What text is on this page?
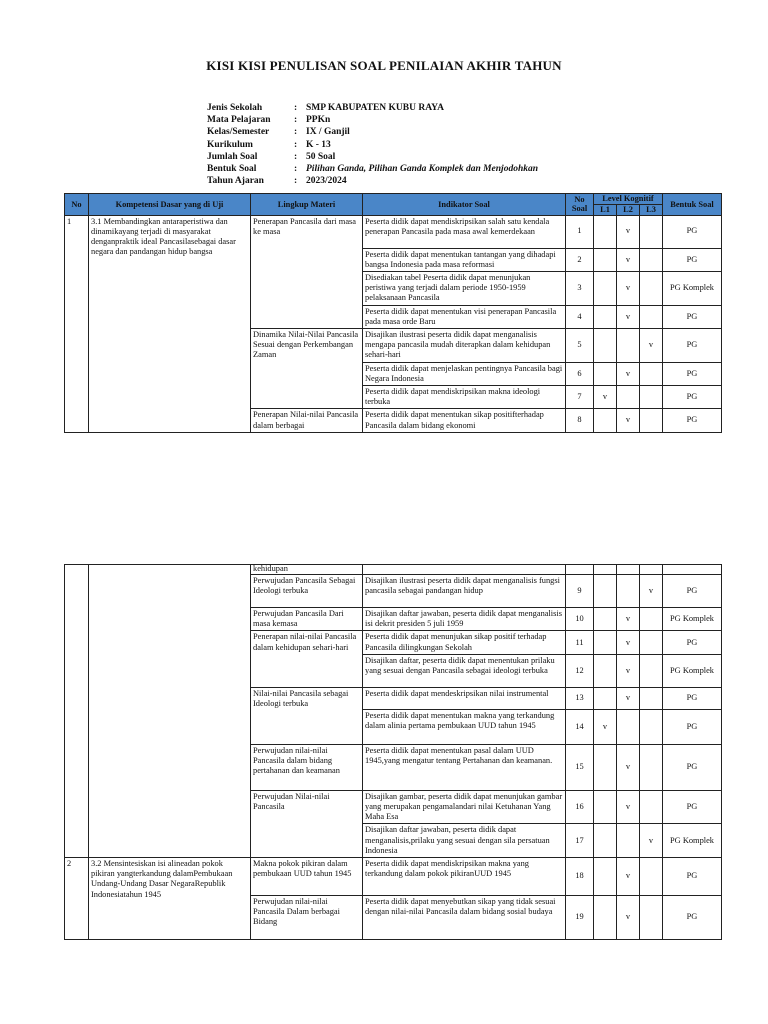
KISI KISI PENULISAN SOAL PENILAIAN AKHIR TAHUN
Jenis Sekolah	: SMP KABUPATEN KUBU RAYA
Mata Pelajaran	: PPKn
Kelas/Semester	: IX / Ganjil
Kurikulum	: K - 13
Jumlah Soal	: 50 Soal
Bentuk Soal	: Pilihan Ganda, Pilihan Ganda Komplek dan Menjodohkan
Tahun Ajaran	: 2023/2024
No	Kompetensi Dasar yang di Uji	Lingkup Materi	Indikator Soal	No Soal	Level Kognitif			Bentuk Soal
					L1	L2	L3	
1	3.1 Membandingkan antaraperistiwa dan dinamikayang terjadi di masyarakat denganpraktik ideal Pancasilasebagai dasar negara dan pandangan hidup bangsa	Penerapan Pancasila dari masa ke masa	Peserta didik dapat mendiskripsikan salah satu kendala penerapan Pancasila pada masa awal kemerdekaan	1		v		PG
			Peserta didik dapat menentukan tantangan yang dihadapi bangsa Indonesia pada masa reformasi	2		v		PG
			Disediakan tabel Peserta didik dapat menunjukan peristiwa yang terjadi dalam periode 1950-1959 pelaksanaan Pancasila	3		v		PG Komplek
			Peserta didik dapat menentukan visi penerapan Pancasila pada masa orde Baru	4		v		PG
		Dinamika Nilai-Nilai Pancasila Sesuai dengan Perkembangan Zaman	Disajikan ilustrasi peserta didik dapat menganalisis mengapa pancasila mudah diterapkan dalam kehidupan sehari-hari	5			v	PG
			Peserta didik dapat menjelaskan pentingnya Pancasila bagi Negara Indonesia	6		v		PG
			Peserta didik dapat mendiskripsikan makna ideologi terbuka	7	v			PG
		Penerapan Nilai-nilai Pancasila dalam berbagai	Peserta didik dapat menentukan sikap positifterhadap Pancasila dalam bidang ekonomi	8		v		PG
		kehidupan						
		Perwujudan Pancasila Sebagai Ideologi terbuka	Disajikan ilustrasi peserta didik dapat menganalisis fungsi pancasila sebagai pandangan hidup	9			v	PG
		Perwujudan Pancasila Dari masa kemasa	Disajikan daftar jawaban, peserta didik dapat menganalisis isi dekrit presiden 5 juli 1959	10		v		PG Komplek
		Penerapan nilai-nilai Pancasila dalam kehidupan sehari-hari	Peserta didik dapat menunjukan sikap positif terhadap Pancasila dilingkungan Sekolah	11		v		PG
			Disajikan daftar, peserta didik dapat menentukan prilaku yang sesuai dengan Pancasila sebagai ideologi terbuka	12		v		PG Komplek
		Nilai-nilai Pancasila sebagai Ideologi terbuka	Peserta didik dapat mendeskripsikan nilai instrumental	13		v		PG
			Peserta didik dapat menentukan makna yang terkandung dalam alinia pertama pembukaan UUD tahun 1945	14	v			PG
		Perwujudan nilai-nilai Pancasila dalam bidang pertahanan dan keamanan	Peserta didik dapat menentukan pasal dalam UUD 1945,yang mengatur tentang Pertahanan dan keamanan.	15		v		PG
		Perwujudan Nilai-nilai Pancasila	Disajikan gambar, peserta didik dapat menunjukan gambar yang merupakan pengamalandari nilai Ketuhanan Yang Maha Esa	16		v		PG
			Disajikan daftar jawaban, peserta didik dapat menganalisis,prilaku yang sesuai dengan sila persatuan Indonesia	17			v	PG Komplek
2	3.2 Mensintesiskan isi alineadan pokok pikiran yangterkandung dalamPembukaan Undang-Undang Dasar NegaraRepublik Indonesiatahun 1945	Makna pokok pikiran dalam pembukaan UUD tahun 1945	Peserta didik dapat mendiskripsikan makna yang terkandung dalam pokok pikiranUUD 1945	18		v		PG
		Perwujudan nilai-nilai Pancasila Dalam berbagai Bidang	Peserta didik dapat menyebutkan sikap yang tidak sesuai dengan nilai-nilai Pancasila dalam bidang sosial budaya	19		v		PG
